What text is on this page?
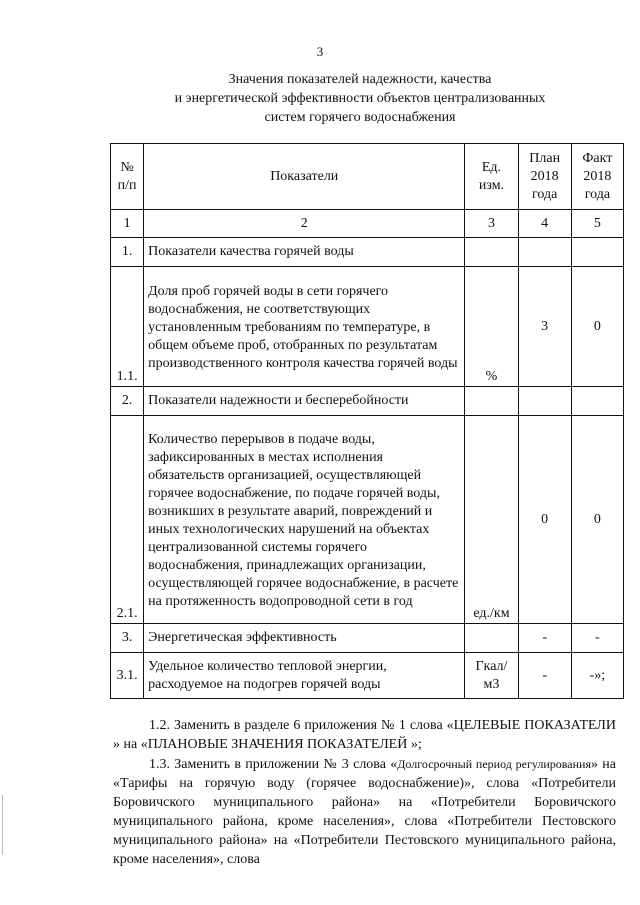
3
Значения показателей надежности, качества
и энергетической эффективности объектов централизованных
систем горячего водоснабжения
№ п/п	Показатели	Ед. изм.	План 2018 года	Факт 2018 года
1	2	3	4	5
1.	Показатели качества горячей воды			
1.1.	Доля проб горячей воды в сети горячего водоснабжения, не соответствующих установленным требованиям по температуре, в общем объеме проб, отобранных по результатам производственного контроля качества горячей воды	%	3	0
2.	Показатели надежности и бесперебойности			
2.1.	Количество перерывов в подаче воды, зафиксированных в местах исполнения обязательств организацией, осуществляющей горячее водоснабжение, по подаче горячей воды, возникших в результате аварий, повреждений и иных технологических нарушений на объектах централизованной системы горячего водоснабжения, принадлежащих организации, осуществляющей горячее водоснабжение, в расчете на протяженность водопроводной сети в год	ед./км	0	0
3.	Энергетическая эффективность		-	-
3.1.	Удельное количество тепловой энергии, расходуемое на подогрев горячей воды	Гкал/м3	-	-»;
1.2. Заменить в разделе 6 приложения № 1 слова «ЦЕЛЕВЫЕ ПОКАЗАТЕЛИ » на «ПЛАНОВЫЕ ЗНАЧЕНИЯ ПОКАЗАТЕЛЕЙ »;
1.3. Заменить в приложении № 3 слова «Долгосрочный период регулирования» на «Тарифы на горячую воду (горячее водоснабжение)», слова «Потребители Боровичского муниципального района» на «Потребители Боровичского муниципального района, кроме населения», слова «Потребители Пестовского муниципального района» на «Потребители Пестовского муниципального района, кроме населения», слова
